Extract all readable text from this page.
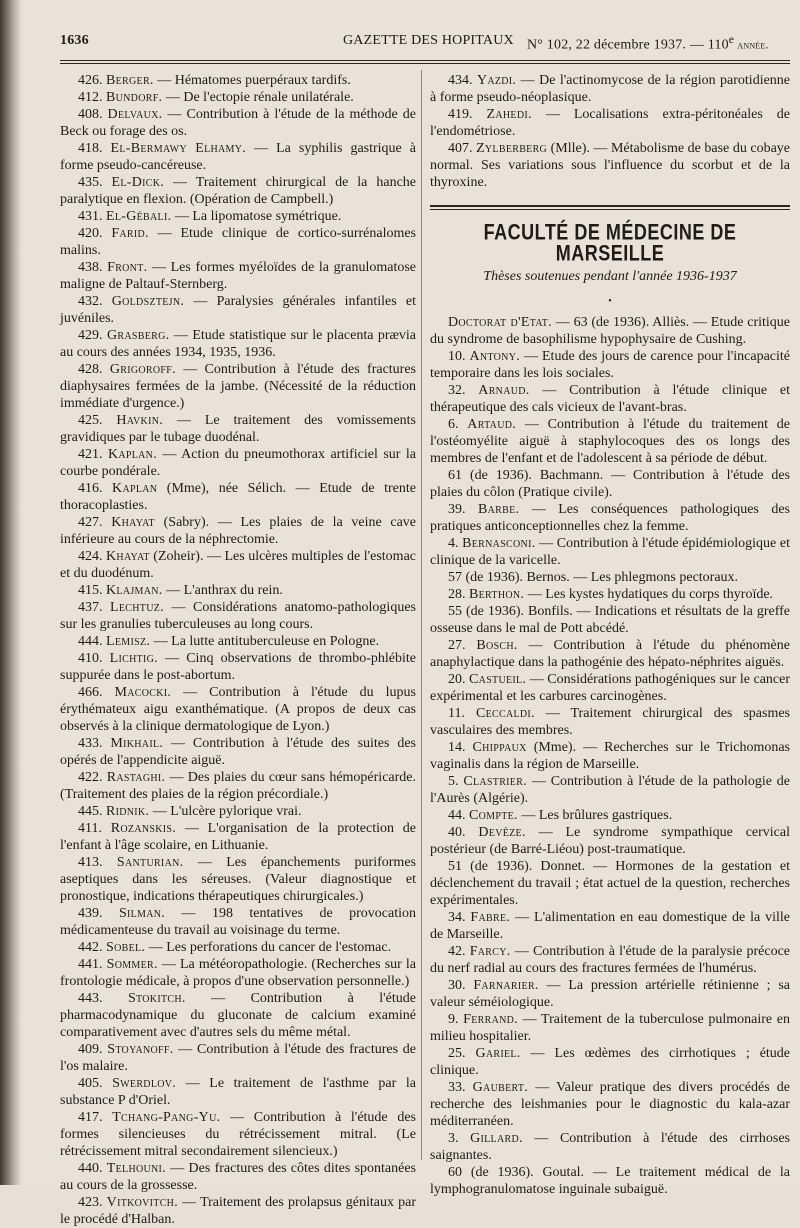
1636	GAZETTE DES HOPITAUX N° 102, 22 décembre 1937. — 110e année.

426. Berger. — Hématomes puerpéraux tardifs.

412. Bundorf. — De l'ectopie rénale unilatérale.

408. Delvaux. — Contribution à l'étude de la méthode de Beck ou forage des os.

418. El-Bermawy Elhamy. — La syphilis gastrique à forme pseudo-cancéreuse.

435. El-Dick. — Traitement chirurgical de la hanche paralytique en flexion. (Opération de Campbell.)

431. El-Gébali. — La lipomatose symétrique.

420. Farid. — Etude clinique de cortico-surrénalomes malins.

438. Front. — Les formes myéloïdes de la granulomatose maligne de Paltauf-Sternberg.

432. Goldsztejn. — Paralysies générales infantiles et juvéniles.

429. Grasberg. — Etude statistique sur le placenta prævia au cours des années 1934, 1935, 1936.

428. Grigoroff. — Contribution à l'étude des fractures diaphysaires fermées de la jambe. (Nécessité de la réduction immédiate d'urgence.)

425. Havkin. — Le traitement des vomissements gravidiques par le tubage duodénal.

421. Kaplan. — Action du pneumothorax artificiel sur la courbe pondérale.

416. Kaplan (Mme), née Sélich. — Etude de trente thoracoplasties.

427. Khayat (Sabry). — Les plaies de la veine cave inférieure au cours de la néphrectomie.

424. Khayat (Zoheir). — Les ulcères multiples de l'estomac et du duodénum.

415. Klajman. — L'anthrax du rein.

437. Lechtuz. — Considérations anatomo-pathologiques sur les granulies tuberculeuses au long cours.

444. Lemisz. — La lutte antituberculeuse en Pologne.

410. Lichtig. — Cinq observations de thrombo-phlébite suppurée dans le post-abortum.

466. Macocki. — Contribution à l'étude du lupus érythémateux aigu exanthématique. (A propos de deux cas observés à la clinique dermatologique de Lyon.)

433. Mikhail. — Contribution à l'étude des suites des opérés de l'appendicite aiguë.

422. Rastaghi. — Des plaies du cœur sans hémopéricarde. (Traitement des plaies de la région précordiale.)

445. Ridnik. — L'ulcère pylorique vrai.

411. Rozanskis. — L'organisation de la protection de l'enfant à l'âge scolaire, en Lithuanie.

413. Santurian. — Les épanchements puriformes aseptiques dans les séreuses. (Valeur diagnostique et pronostique, indications thérapeutiques chirurgicales.)

439. Silman. — 198 tentatives de provocation médicamenteuse du travail au voisinage du terme.

442. Sobel. — Les perforations du cancer de l'estomac.

441. Sommer. — La météoropathologie. (Recherches sur la frontologie médicale, à propos d'une observation personnelle.)

443. Stokitch. — Contribution à l'étude pharmacodynamique du gluconate de calcium examiné comparativement avec d'autres sels du même métal.

409. Stoyanoff. — Contribution à l'étude des fractures de l'os malaire.

405. Swerdlov. — Le traitement de l'asthme par la substance P d'Oriel.

417. Tchang-Pang-Yu. — Contribution à l'étude des formes silencieuses du rétrécissement mitral. (Le rétrécissement mitral secondairement silencieux.)

440. Telhouni. — Des fractures des côtes dites spontanées au cours de la grossesse.

423. Vitkovitch. — Traitement des prolapsus génitaux par le procédé d'Halban.

434. Yazdi. — De l'actinomycose de la région parotidienne à forme pseudo-néoplasique.

419. Zahedi. — Localisations extra-péritonéales de l'endométriose.

407. Zylberberg (Mlle). — Métabolisme de base du cobaye normal. Ses variations sous l'influence du scorbut et de la thyroxine.

FACULTÉ DE MÉDECINE DE MARSEILLE
Thèses soutenues pendant l'année 1936-1937
•

Doctorat d'Etat. — 63 (de 1936). Alliès. — Etude critique du syndrome de basophilisme hypophysaire de Cushing.

10. Antony. — Etude des jours de carence pour l'incapacité temporaire dans les lois sociales.

32. Arnaud. — Contribution à l'étude clinique et thérapeutique des cals vicieux de l'avant-bras.

6. Artaud. — Contribution à l'étude du traitement de l'ostéomyélite aiguë à staphylocoques des os longs des membres de l'enfant et de l'adolescent à sa période de début.

61 (de 1936). Bachmann. — Contribution à l'étude des plaies du côlon (Pratique civile).

39. Barbe. — Les conséquences pathologiques des pratiques anticonceptionnelles chez la femme.

4. Bernasconi. — Contribution à l'étude épidémiologique et clinique de la varicelle.

57 (de 1936). Bernos. — Les phlegmons pectoraux.

28. Berthon. — Les kystes hydatiques du corps thyroïde.

55 (de 1936). Bonfils. — Indications et résultats de la greffe osseuse dans le mal de Pott abcédé.

27. Bosch. — Contribution à l'étude du phénomène anaphylactique dans la pathogénie des hépato-néphrites aiguës.

20. Castueil. — Considérations pathogéniques sur le cancer expérimental et les carbures carcinogènes.

11. Ceccaldi. — Traitement chirurgical des spasmes vasculaires des membres.

14. Chippaux (Mme). — Recherches sur le Trichomonas vaginalis dans la région de Marseille.

5. Clastrier. — Contribution à l'étude de la pathologie de l'Aurès (Algérie).

44. Compte. — Les brûlures gastriques.

40. Devèze. — Le syndrome sympathique cervical postérieur (de Barré-Liéou) post-traumatique.

51 (de 1936). Donnet. — Hormones de la gestation et déclenchement du travail ; état actuel de la question, recherches expérimentales.

34. Fabre. — L'alimentation en eau domestique de la ville de Marseille.

42. Farcy. — Contribution à l'étude de la paralysie précoce du nerf radial au cours des fractures fermées de l'humérus.

30. Farnarier. — La pression artérielle rétinienne ; sa valeur séméiologique.

9. Ferrand. — Traitement de la tuberculose pulmonaire en milieu hospitalier.

25. Gariel. — Les œdèmes des cirrhotiques ; étude clinique.

33. Gaubert. — Valeur pratique des divers procédés de recherche des leishmanies pour le diagnostic du kala-azar méditerranéen.

3. Gillard. — Contribution à l'étude des cirrhoses saignantes.

60 (de 1936). Goutal. — Le traitement médical de la lymphogranulomatose inguinale subaiguë.
